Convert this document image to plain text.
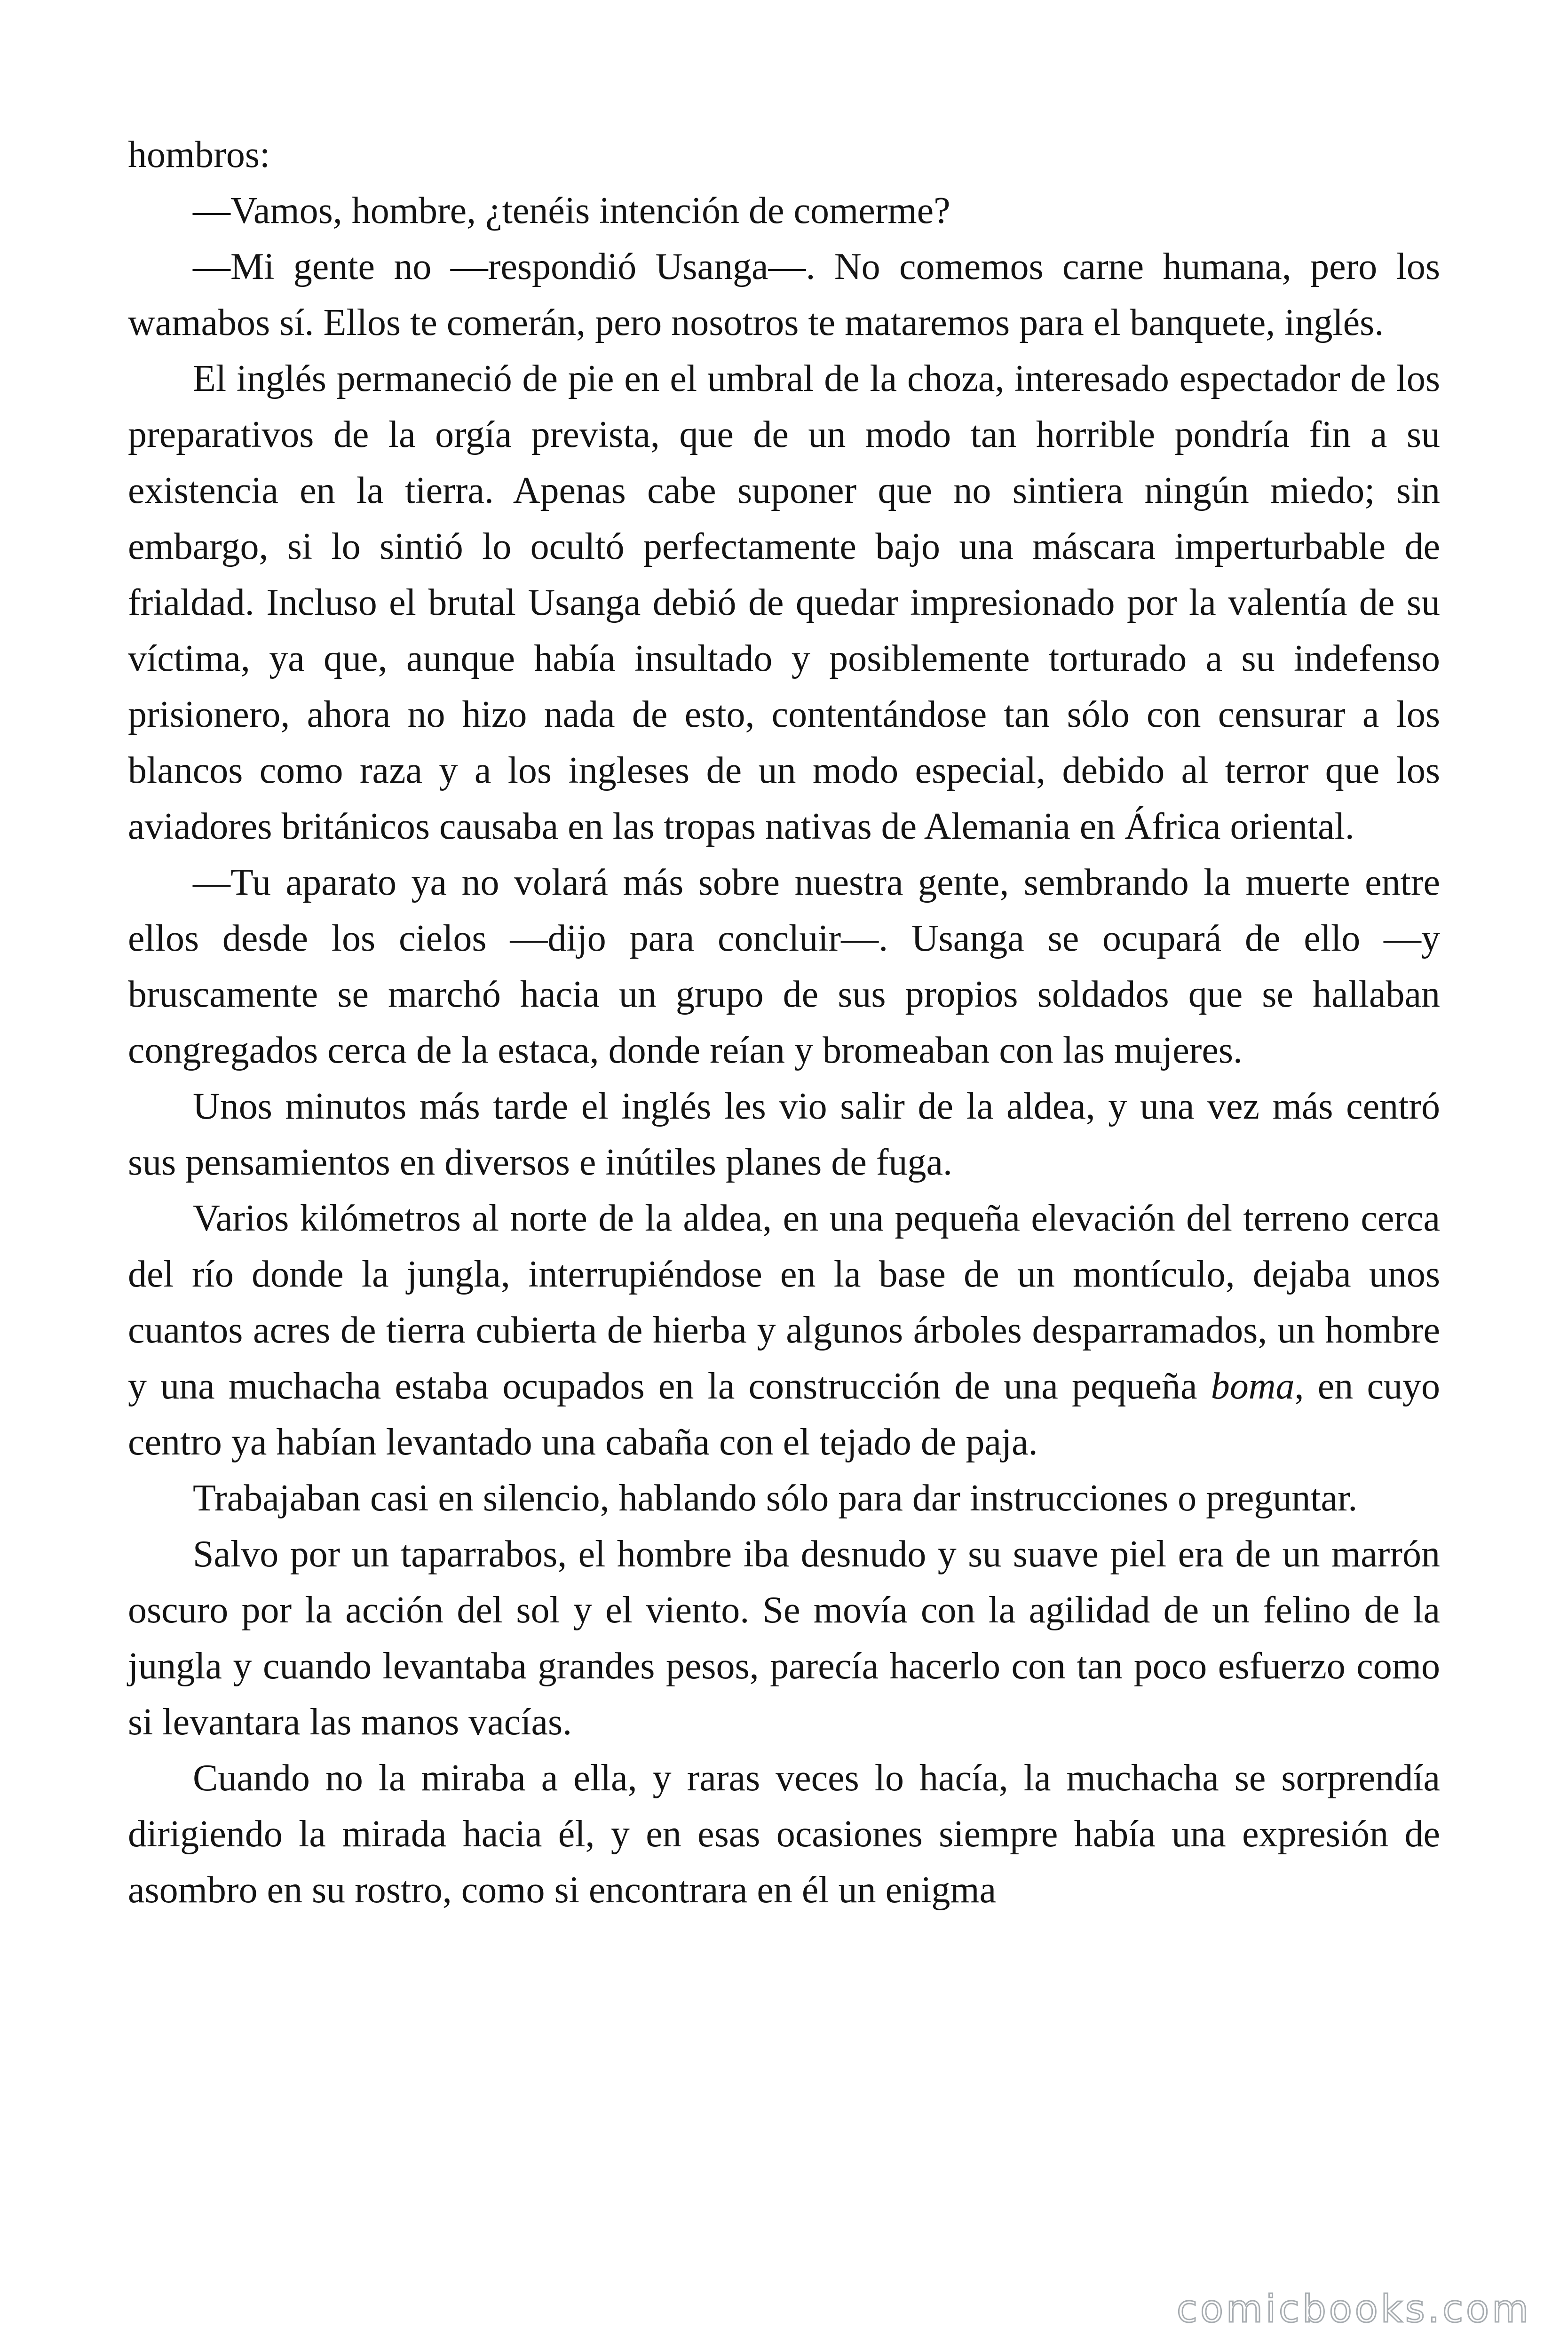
hombros:

—Vamos, hombre, ¿tenéis intención de comerme?

—Mi gente no —respondió Usanga—. No comemos carne humana, pero los wamabos sí. Ellos te comerán, pero nosotros te mataremos para el banquete, inglés.

El inglés permaneció de pie en el umbral de la choza, interesado espectador de los preparativos de la orgía prevista, que de un modo tan horrible pondría fin a su existencia en la tierra. Apenas cabe suponer que no sintiera ningún miedo; sin embargo, si lo sintió lo ocultó perfectamente bajo una máscara imperturbable de frialdad. Incluso el brutal Usanga debió de quedar impresionado por la valentía de su víctima, ya que, aunque había insultado y posiblemente torturado a su indefenso prisionero, ahora no hizo nada de esto, contentándose tan sólo con censurar a los blancos como raza y a los ingleses de un modo especial, debido al terror que los aviadores británicos causaba en las tropas nativas de Alemania en África oriental.

—Tu aparato ya no volará más sobre nuestra gente, sembrando la muerte entre ellos desde los cielos —dijo para concluir—. Usanga se ocupará de ello —y bruscamente se marchó hacia un grupo de sus propios soldados que se hallaban congregados cerca de la estaca, donde reían y bromeaban con las mujeres.

Unos minutos más tarde el inglés les vio salir de la aldea, y una vez más centró sus pensamientos en diversos e inútiles planes de fuga.

Varios kilómetros al norte de la aldea, en una pequeña elevación del terreno cerca del río donde la jungla, interrupiéndose en la base de un montículo, dejaba unos cuantos acres de tierra cubierta de hierba y algunos árboles desparramados, un hombre y una muchacha estaba ocupados en la construcción de una pequeña boma, en cuyo centro ya habían levantado una cabaña con el tejado de paja.

Trabajaban casi en silencio, hablando sólo para dar instrucciones o preguntar.

Salvo por un taparrabos, el hombre iba desnudo y su suave piel era de un marrón oscuro por la acción del sol y el viento. Se movía con la agilidad de un felino de la jungla y cuando levantaba grandes pesos, parecía hacerlo con tan poco esfuerzo como si levantara las manos vacías.

Cuando no la miraba a ella, y raras veces lo hacía, la muchacha se sorprendía dirigiendo la mirada hacia él, y en esas ocasiones siempre había una expresión de asombro en su rostro, como si encontrara en él un enigma

comicbooks.com
